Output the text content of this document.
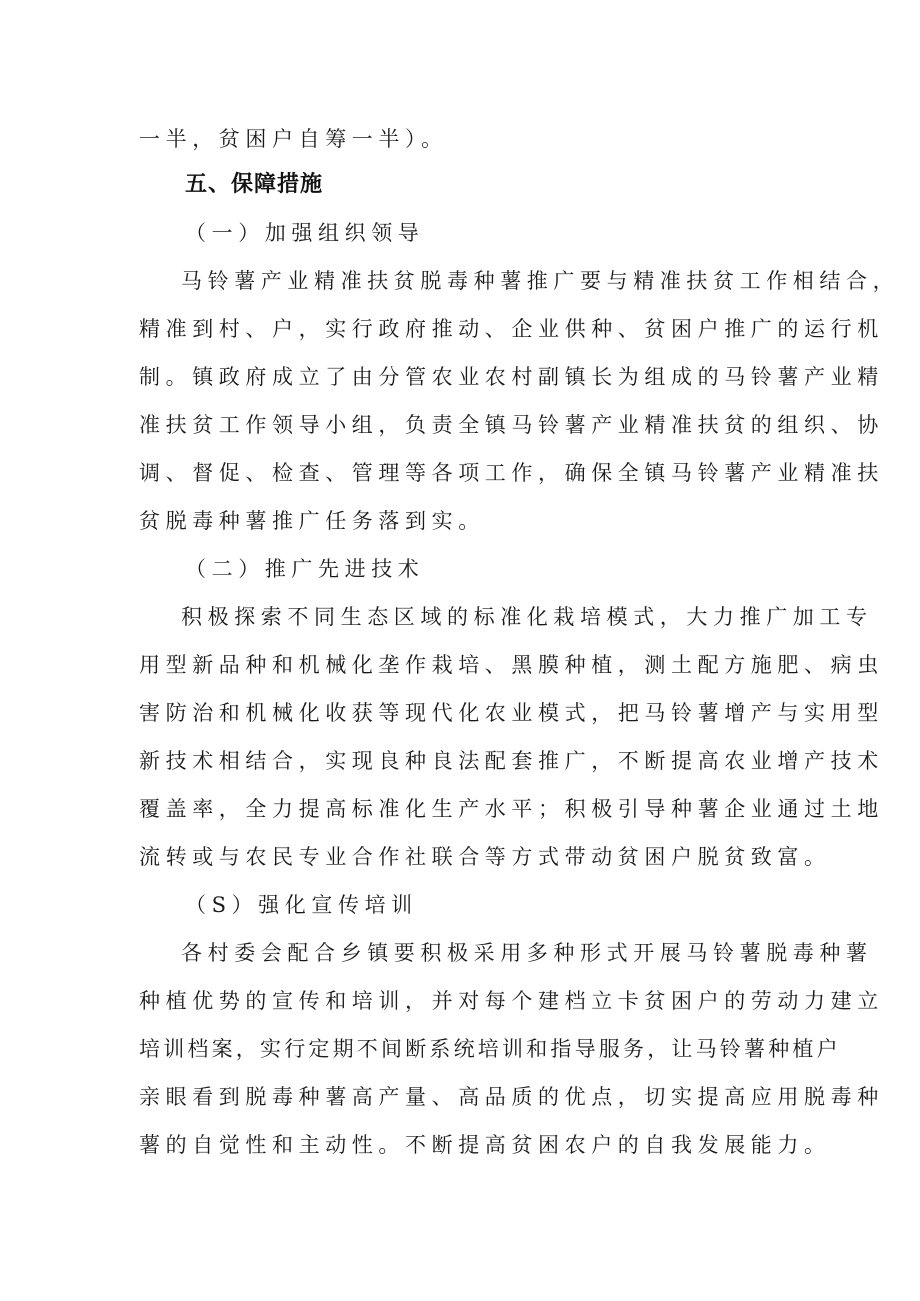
一半，贫困户自筹一半）。
五、保障措施
（一）加强组织领导
马铃薯产业精准扶贫脱毒种薯推广要与精准扶贫工作相结合，
精准到村、户，实行政府推动、企业供种、贫困户推广的运行机
制。镇政府成立了由分管农业农村副镇长为组成的马铃薯产业精
准扶贫工作领导小组，负责全镇马铃薯产业精准扶贫的组织、协
调、督促、检查、管理等各项工作，确保全镇马铃薯产业精准扶
贫脱毒种薯推广任务落到实。
（二）推广先进技术
积极探索不同生态区域的标准化栽培模式，大力推广加工专
用型新品种和机械化垄作栽培、黑膜种植，测土配方施肥、病虫
害防治和机械化收获等现代化农业模式，把马铃薯增产与实用型
新技术相结合，实现良种良法配套推广，不断提高农业增产技术
覆盖率，全力提高标准化生产水平；积极引导种薯企业通过土地
流转或与农民专业合作社联合等方式带动贫困户脱贫致富。
（S）强化宣传培训
各村委会配合乡镇要积极采用多种形式开展马铃薯脱毒种薯
种植优势的宣传和培训，并对每个建档立卡贫困户的劳动力建立
培训档案，实行定期不间断系统培训和指导服务，让马铃薯种植户
亲眼看到脱毒种薯高产量、高品质的优点，切实提高应用脱毒种
薯的自觉性和主动性。不断提高贫困农户的自我发展能力。
